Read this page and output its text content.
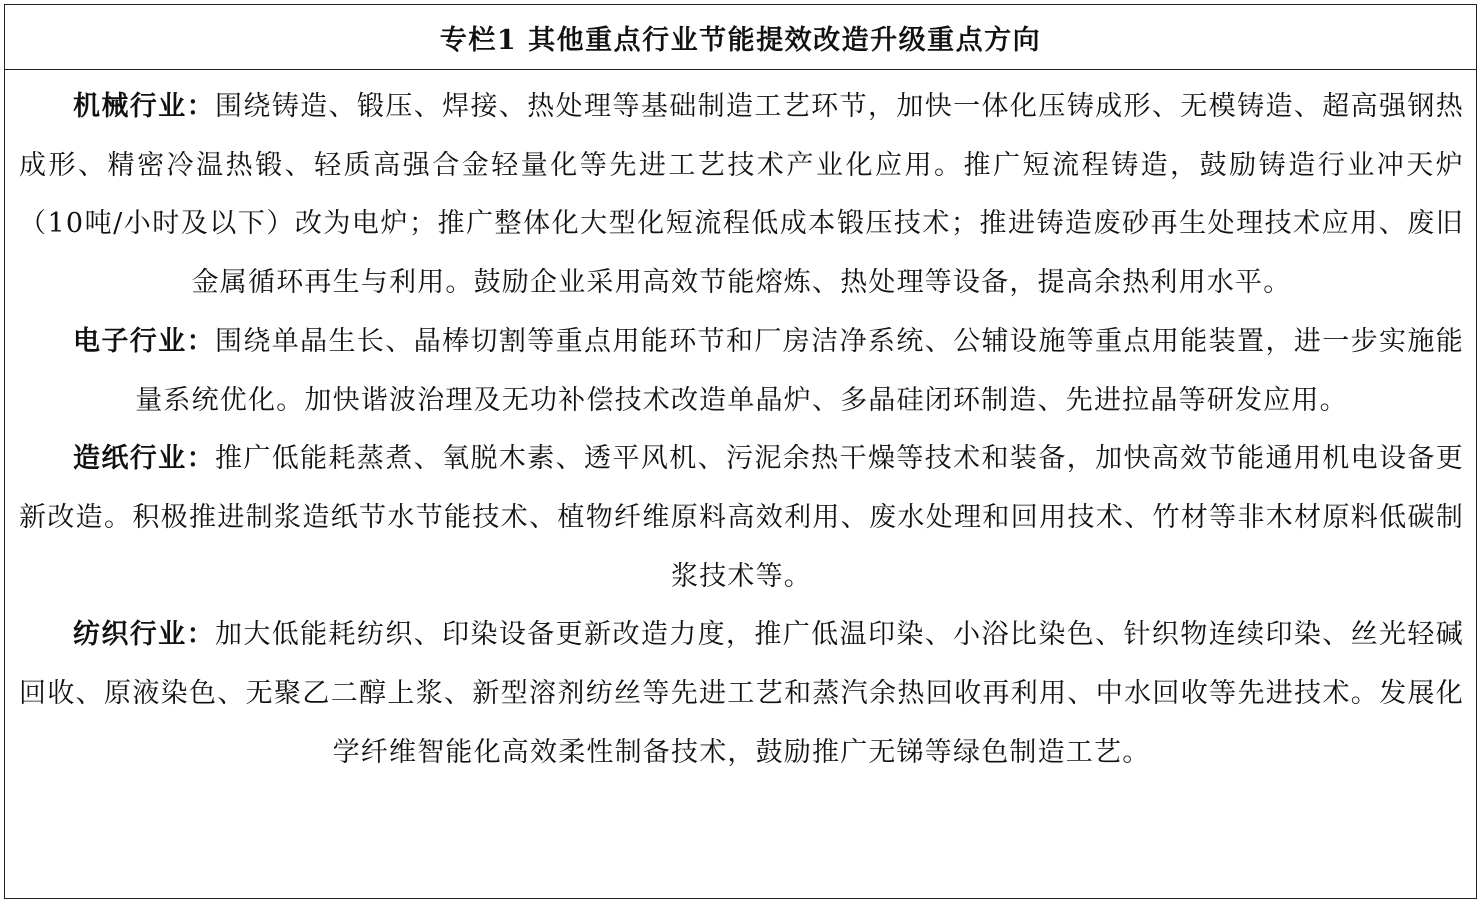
专栏1 其他重点行业节能提效改造升级重点方向

机械行业：围绕铸造、锻压、焊接、热处理等基础制造工艺环节，加快一体化压铸成形、无模铸造、超高强钢热成形、精密冷温热锻、轻质高强合金轻量化等先进工艺技术产业化应用。推广短流程铸造，鼓励铸造行业冲天炉（10吨/小时及以下）改为电炉；推广整体化大型化短流程低成本锻压技术；推进铸造废砂再生处理技术应用、废旧金属循环再生与利用。鼓励企业采用高效节能熔炼、热处理等设备，提高余热利用水平。

电子行业：围绕单晶生长、晶棒切割等重点用能环节和厂房洁净系统、公辅设施等重点用能装置，进一步实施能量系统优化。加快谐波治理及无功补偿技术改造单晶炉、多晶硅闭环制造、先进拉晶等研发应用。

造纸行业：推广低能耗蒸煮、氧脱木素、透平风机、污泥余热干燥等技术和装备，加快高效节能通用机电设备更新改造。积极推进制浆造纸节水节能技术、植物纤维原料高效利用、废水处理和回用技术、竹材等非木材原料低碳制浆技术等。

纺织行业：加大低能耗纺织、印染设备更新改造力度，推广低温印染、小浴比染色、针织物连续印染、丝光轻碱回收、原液染色、无聚乙二醇上浆、新型溶剂纺丝等先进工艺和蒸汽余热回收再利用、中水回收等先进技术。发展化学纤维智能化高效柔性制备技术，鼓励推广无锑等绿色制造工艺。
